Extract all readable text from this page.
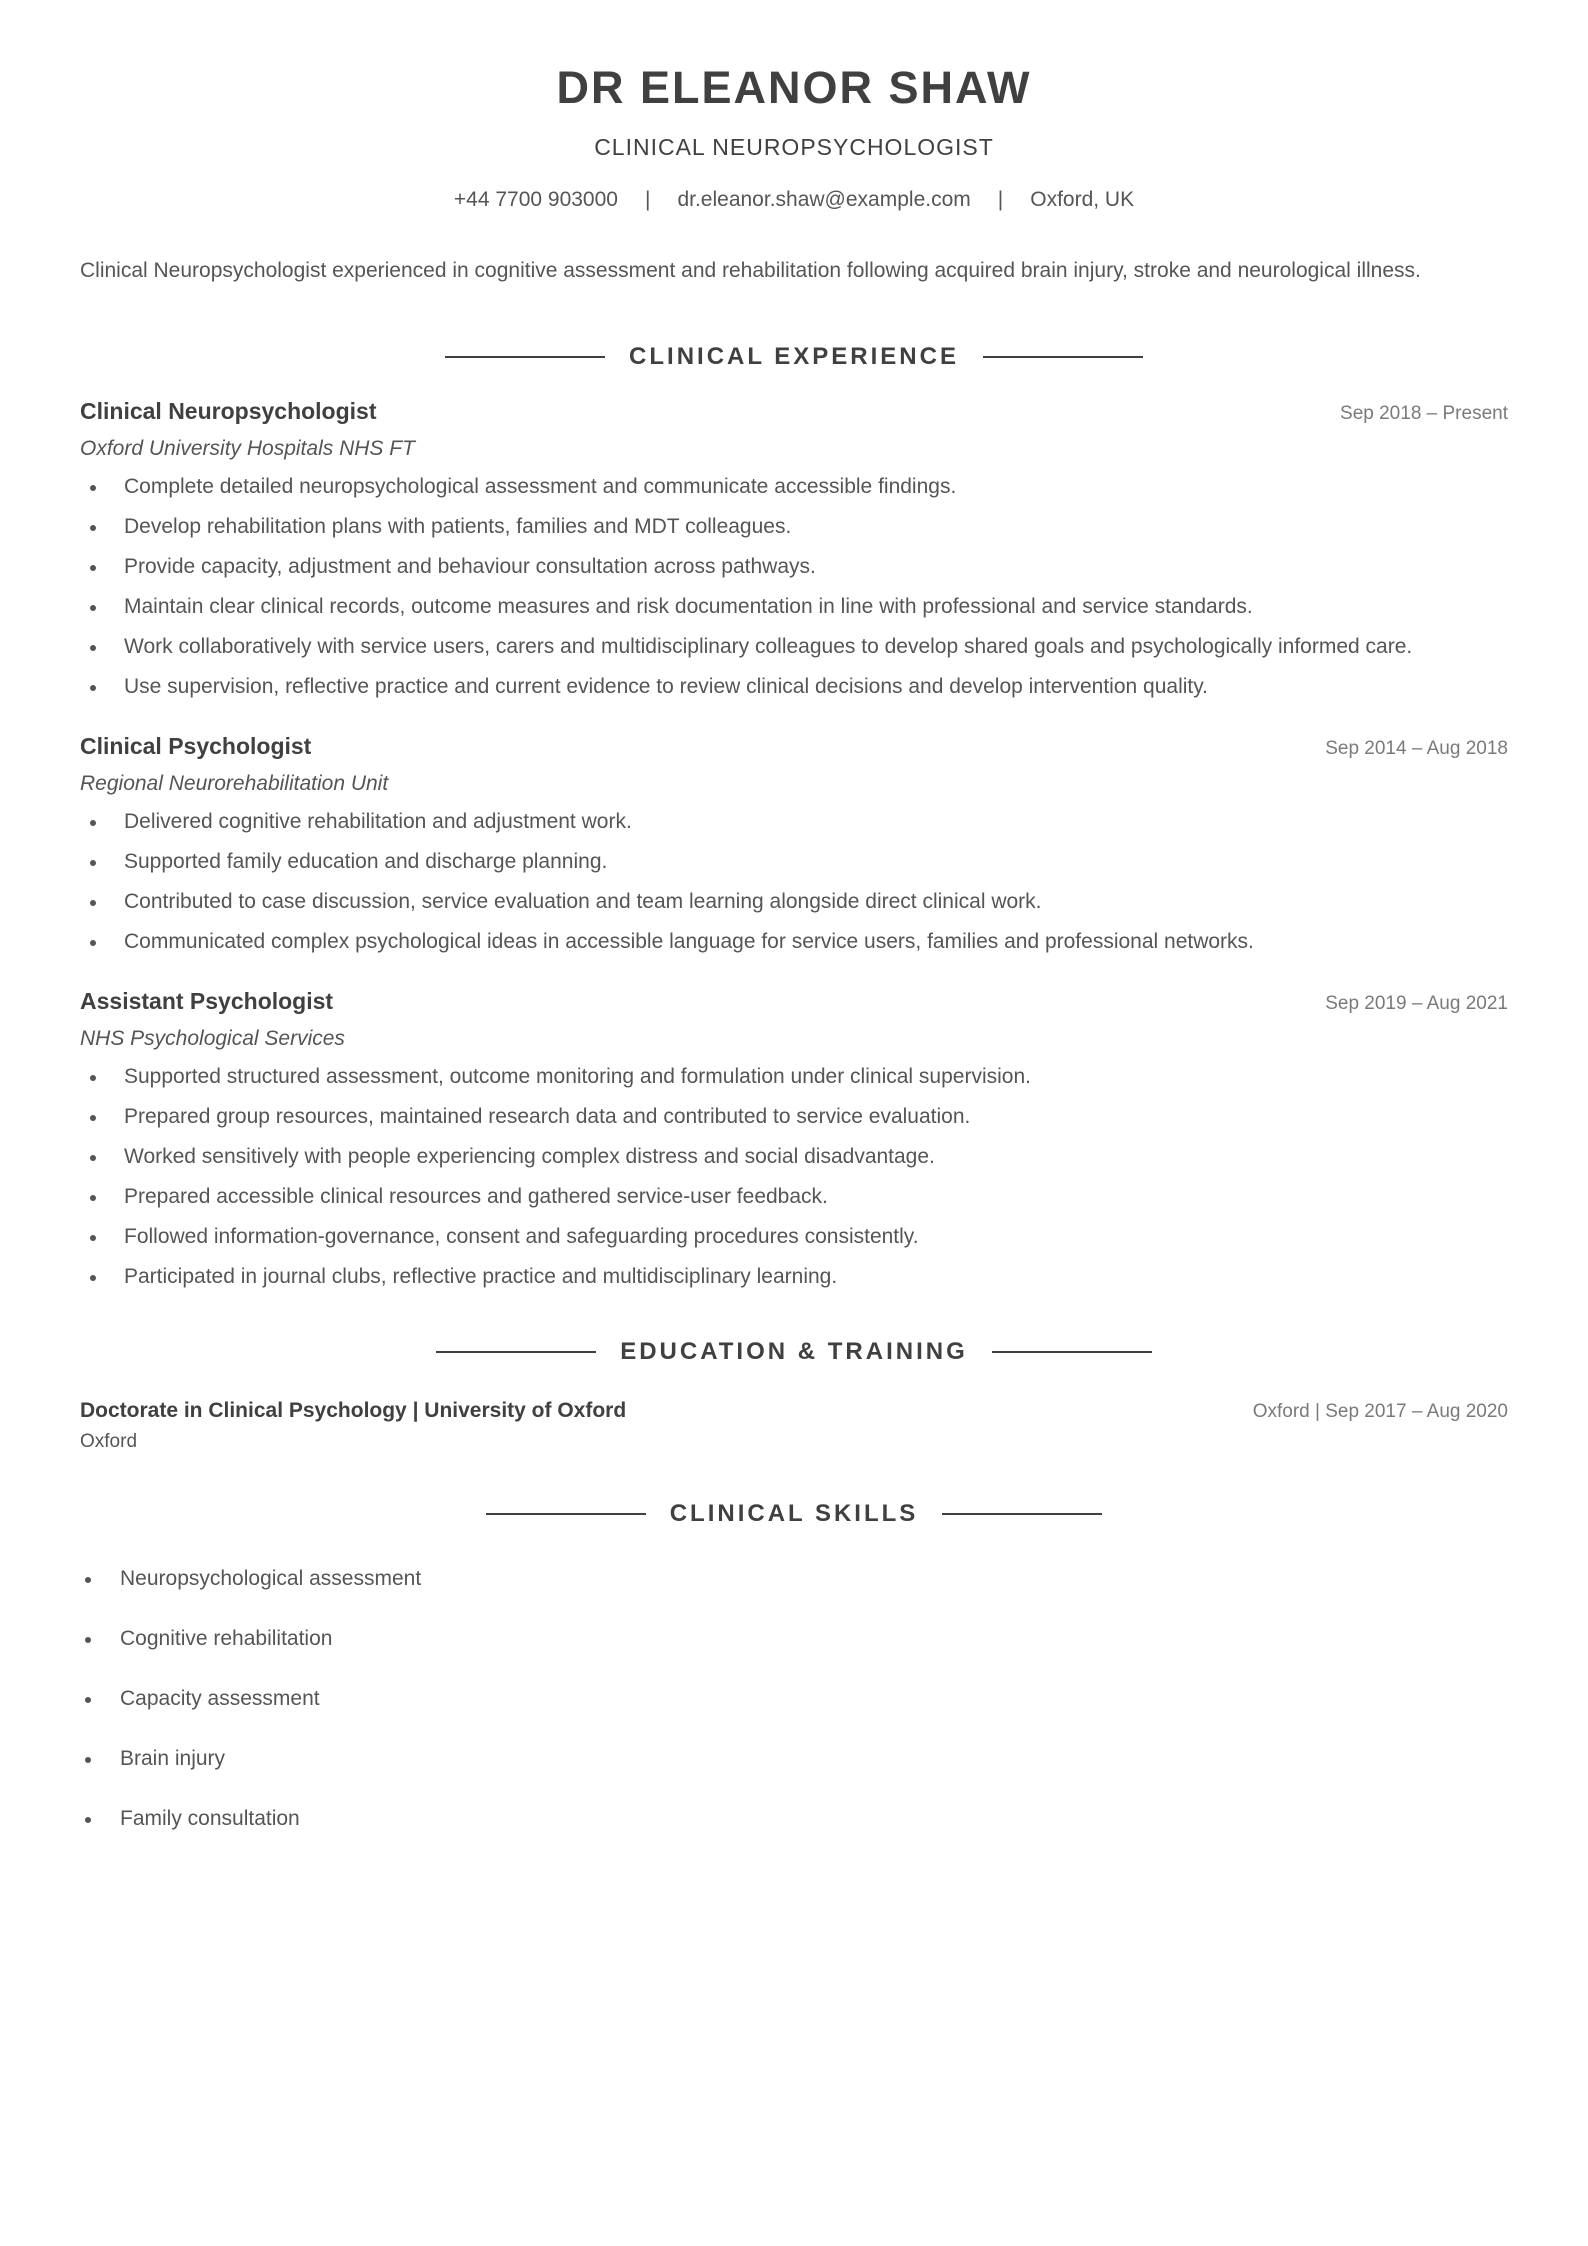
DR ELEANOR SHAW
CLINICAL NEUROPSYCHOLOGIST
+44 7700 903000 | dr.eleanor.shaw@example.com | Oxford, UK
Clinical Neuropsychologist experienced in cognitive assessment and rehabilitation following acquired brain injury, stroke and neurological illness.
CLINICAL EXPERIENCE
Clinical Neuropsychologist	Sep 2018 – Present
Oxford University Hospitals NHS FT
Complete detailed neuropsychological assessment and communicate accessible findings.
Develop rehabilitation plans with patients, families and MDT colleagues.
Provide capacity, adjustment and behaviour consultation across pathways.
Maintain clear clinical records, outcome measures and risk documentation in line with professional and service standards.
Work collaboratively with service users, carers and multidisciplinary colleagues to develop shared goals and psychologically informed care.
Use supervision, reflective practice and current evidence to review clinical decisions and develop intervention quality.
Clinical Psychologist	Sep 2014 – Aug 2018
Regional Neurorehabilitation Unit
Delivered cognitive rehabilitation and adjustment work.
Supported family education and discharge planning.
Contributed to case discussion, service evaluation and team learning alongside direct clinical work.
Communicated complex psychological ideas in accessible language for service users, families and professional networks.
Assistant Psychologist	Sep 2019 – Aug 2021
NHS Psychological Services
Supported structured assessment, outcome monitoring and formulation under clinical supervision.
Prepared group resources, maintained research data and contributed to service evaluation.
Worked sensitively with people experiencing complex distress and social disadvantage.
Prepared accessible clinical resources and gathered service-user feedback.
Followed information-governance, consent and safeguarding procedures consistently.
Participated in journal clubs, reflective practice and multidisciplinary learning.
EDUCATION & TRAINING
Doctorate in Clinical Psychology | University of Oxford	Oxford | Sep 2017 – Aug 2020
Oxford
CLINICAL SKILLS
Neuropsychological assessment
Cognitive rehabilitation
Capacity assessment
Brain injury
Family consultation
